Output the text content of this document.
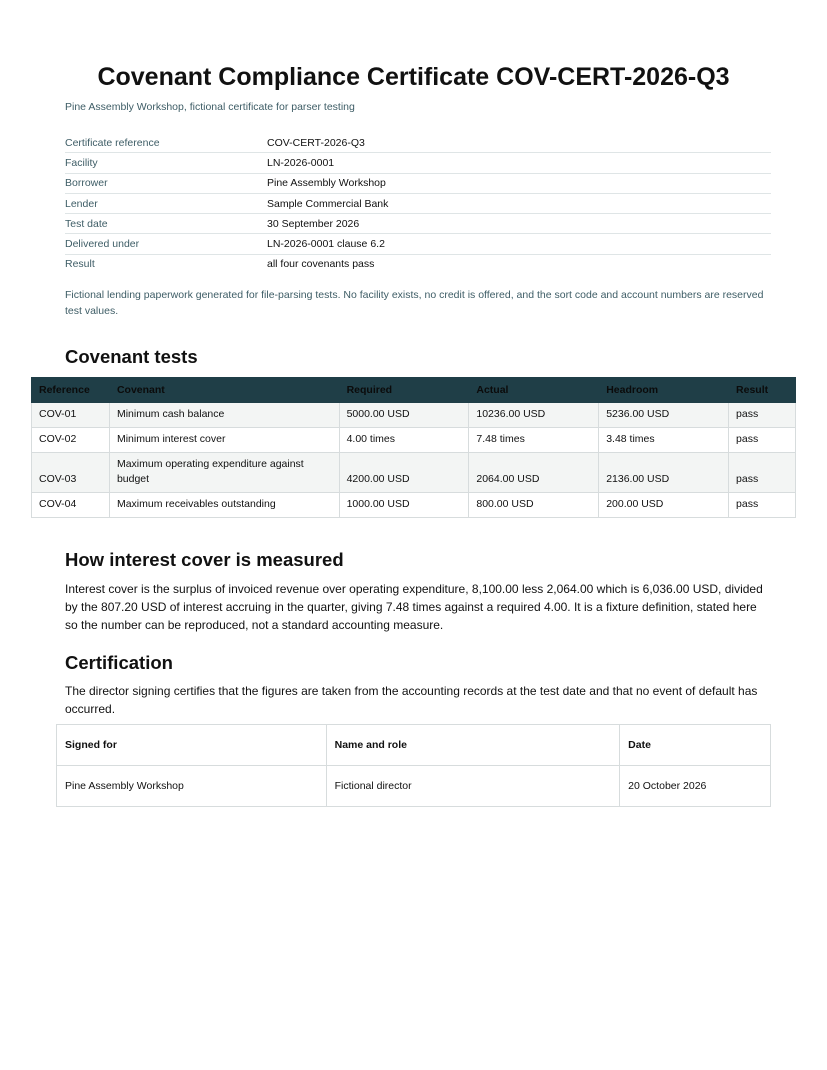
Covenant Compliance Certificate COV-CERT-2026-Q3

Pine Assembly Workshop, fictional certificate for parser testing

Certificate reference	COV-CERT-2026-Q3
Facility	LN-2026-0001
Borrower	Pine Assembly Workshop
Lender	Sample Commercial Bank
Test date	30 September 2026
Delivered under	LN-2026-0001 clause 6.2
Result	all four covenants pass

Fictional lending paperwork generated for file-parsing tests. No facility exists, no credit is offered, and the sort code and account numbers are reserved test values.

Covenant tests
Reference	Covenant	Required	Actual	Headroom	Result
COV-01	Minimum cash balance	5000.00 USD	10236.00 USD	5236.00 USD	pass
COV-02	Minimum interest cover	4.00 times	7.48 times	3.48 times	pass
COV-03	Maximum operating expenditure against budget	4200.00 USD	2064.00 USD	2136.00 USD	pass
COV-04	Maximum receivables outstanding	1000.00 USD	800.00 USD	200.00 USD	pass
How interest cover is measured

Interest cover is the surplus of invoiced revenue over operating expenditure, 8,100.00 less 2,064.00 which is 6,036.00 USD, divided by the 807.20 USD of interest accruing in the quarter, giving 7.48 times against a required 4.00. It is a fixture definition, stated here so the number can be reproduced, not a standard accounting measure.

Certification

The director signing certifies that the figures are taken from the accounting records at the test date and that no event of default has occurred.

Signed for	Name and role	Date
Pine Assembly Workshop	Fictional director	20 October 2026
